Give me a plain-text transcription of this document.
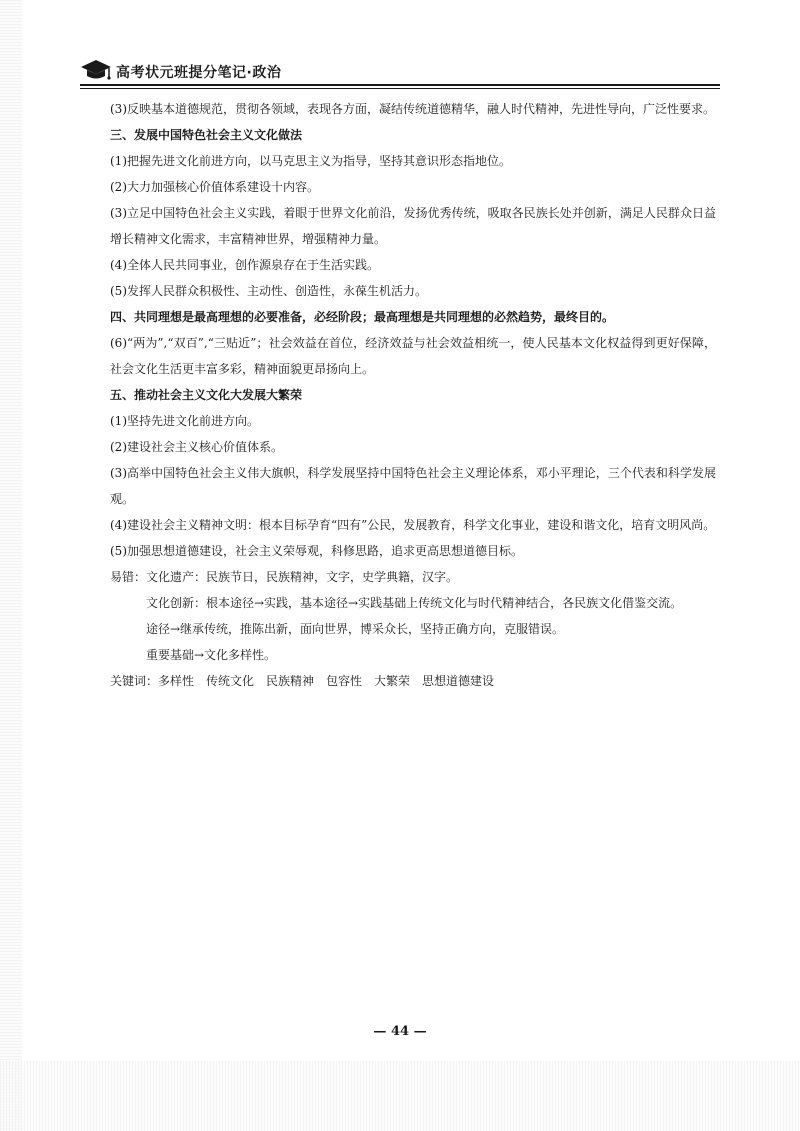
高考状元班提分笔记·政治

(3)反映基本道德规范，贯彻各领域，表现各方面，凝结传统道德精华，融人时代精神，先进性导向，广泛性要求。

三、发展中国特色社会主义文化做法

(1)把握先进文化前进方向，以马克思主义为指导，坚持其意识形态指地位。

(2)大力加强核心价值体系建设十内容。

(3)立足中国特色社会主义实践，着眼于世界文化前沿，发扬优秀传统，吸取各民族长处并创新，满足人民群众日益增长精神文化需求，丰富精神世界，增强精神力量。

(4)全体人民共同事业，创作源泉存在于生活实践。

(5)发挥人民群众积极性、主动性、创造性，永葆生机活力。

四、共同理想是最高理想的必要准备，必经阶段；最高理想是共同理想的必然趋势，最终目的。

(6)“两为”,“双百”,“三贴近”；社会效益在首位，经济效益与社会效益相统一，使人民基本文化权益得到更好保障，社会文化生活更丰富多彩，精神面貌更昂扬向上。

五、推动社会主义文化大发展大繁荣

(1)坚持先进文化前进方向。

(2)建设社会主义核心价值体系。

(3)高举中国特色社会主义伟大旗帜，科学发展坚持中国特色社会主义理论体系，邓小平理论，三个代表和科学发展观。

(4)建设社会主义精神文明：根本目标孕育“四有”公民，发展教育，科学文化事业，建设和谐文化，培育文明风尚。

(5)加强思想道德建设，社会主义荣辱观，科修思路，追求更高思想道德目标。

易错：文化遗产：民族节日，民族精神，文字，史学典籍，汉字。

文化创新：根本途径→实践，基本途径→实践基础上传统文化与时代精神结合，各民族文化借鉴交流。

途径→继承传统，推陈出新，面向世界，博采众长，坚持正确方向，克服错误。

重要基础→文化多样性。

关键词：多样性　传统文化　民族精神　包容性　大繁荣　思想道德建设

— 44 —
